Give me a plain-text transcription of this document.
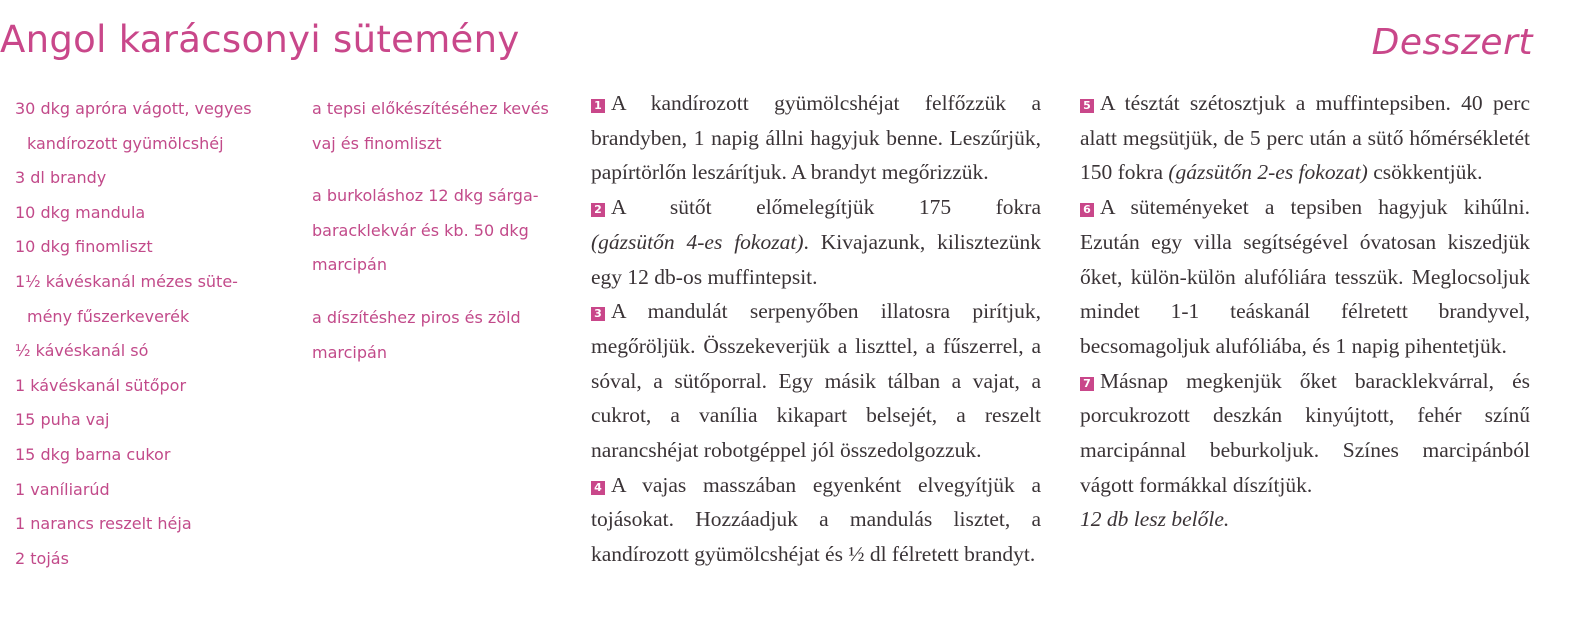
Angol karácsonyi sütemény	Desszert
30 dkg apróra vágott, vegyes
kandírozott gyümölcshéj
3 dl brandy
10 dkg mandula
10 dkg finomliszt
1½ kávéskanál mézes süte-
mény fűszerkeverék
½ kávéskanál só
1 kávéskanál sütőpor
15 puha vaj
15 dkg barna cukor
1 vaníliarúd
1 narancs reszelt héja
2 tojás
a tepsi előkészítéséhez kevés
vaj és finomliszt
a burkoláshoz 12 dkg sárga-
baracklekvár és kb. 50 dkg
marcipán
a díszítéshez piros és zöld
marcipán

1 A kandírozott gyümölcshéjat felfőzzük a brandyben, 1 napig állni hagyjuk benne. Leszűrjük, papírtörlőn leszárítjuk. A brandyt megőrizzük.

2 A sütőt előmelegítjük 175 fokra (gázsütőn 4-es fokozat). Kivajazunk, kilisztezünk egy 12 db-os muffintepsit.

3 A mandulát serpenyőben illatosra pirítjuk, megőröljük. Összekeverjük a liszttel, a fűszerrel, a sóval, a sütőporral. Egy másik tálban a vajat, a cukrot, a vanília kikapart belsejét, a reszelt narancshéjat robotgéppel jól összedolgozzuk.

4 A vajas masszában egyenként elvegyítjük a tojásokat. Hozzáadjuk a mandulás lisztet, a kandírozott gyümölcshéjat és ½ dl félretett brandyt.

5 A tésztát szétosztjuk a muffintepsiben. 40 perc alatt megsütjük, de 5 perc után a sütő hőmérsékletét 150 fokra (gázsütőn 2-es fokozat) csökkentjük.

6 A süteményeket a tepsiben hagyjuk kihűlni. Ezután egy villa segítségével óvatosan kiszedjük őket, külön-külön alufóliára tesszük. Meglocsoljuk mindet 1-1 teáskanál félretett brandyvel, becsomagoljuk alufóliába, és 1 napig pihentetjük.

7 Másnap megkenjük őket baracklekvárral, és porcukrozott deszkán kinyújtott, fehér színű marcipánnal beburkoljuk. Színes marcipánból vágott formákkal díszítjük.

12 db lesz belőle.
